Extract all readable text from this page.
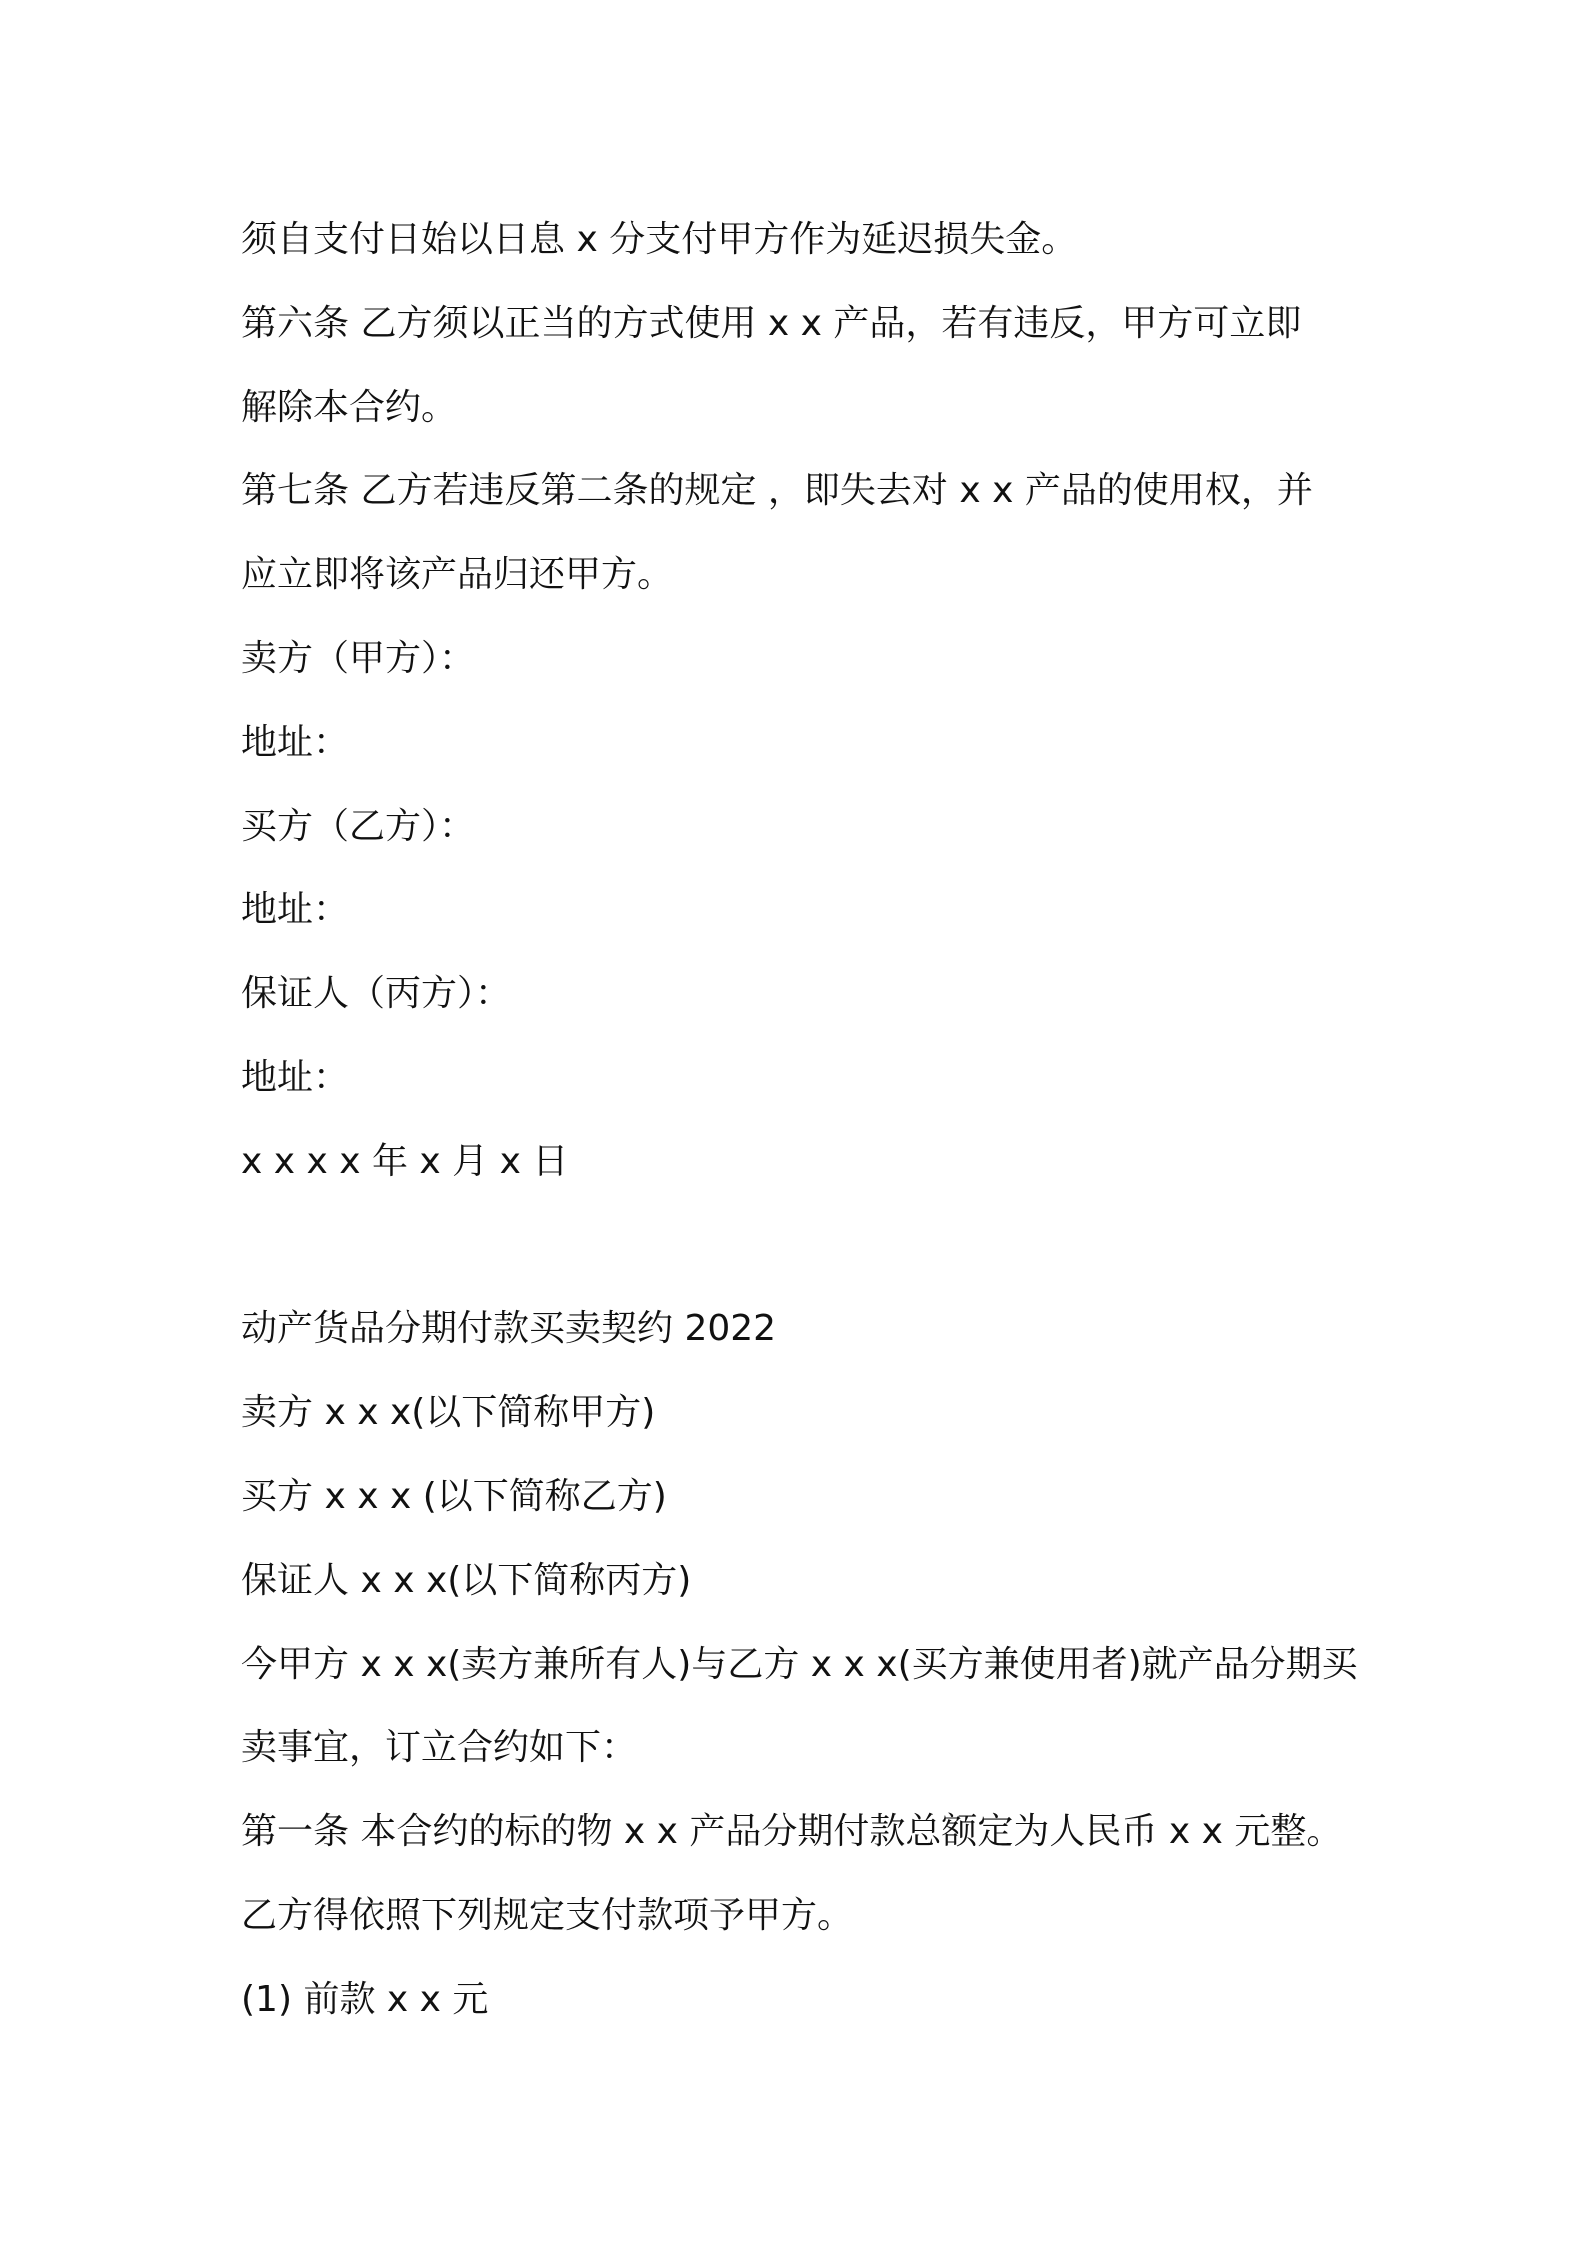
须自支付日始以日息 x 分支付甲方作为延迟损失金。

第六条 乙方须以正当的方式使用 x x 产品，若有违反，甲方可立即

解除本合约。

第七条 乙方若违反第二条的规定 ，即失去对 x x 产品的使用权，并

应立即将该产品归还甲方。

卖方（甲方）：

地址：

买方（乙方）：

地址：

保证人（丙方）：

地址：

x x x x 年 x 月 x 日

动产货品分期付款买卖契约 2022

卖方 x x x(以下简称甲方)

买方 x x x (以下简称乙方)

保证人 x x x(以下简称丙方)

今甲方 x x x(卖方兼所有人)与乙方 x x x(买方兼使用者)就产品分期买

卖事宜，订立合约如下：

第一条 本合约的标的物 x x 产品分期付款总额定为人民币 x x 元整。

乙方得依照下列规定支付款项予甲方。

(1) 前款 x x 元
